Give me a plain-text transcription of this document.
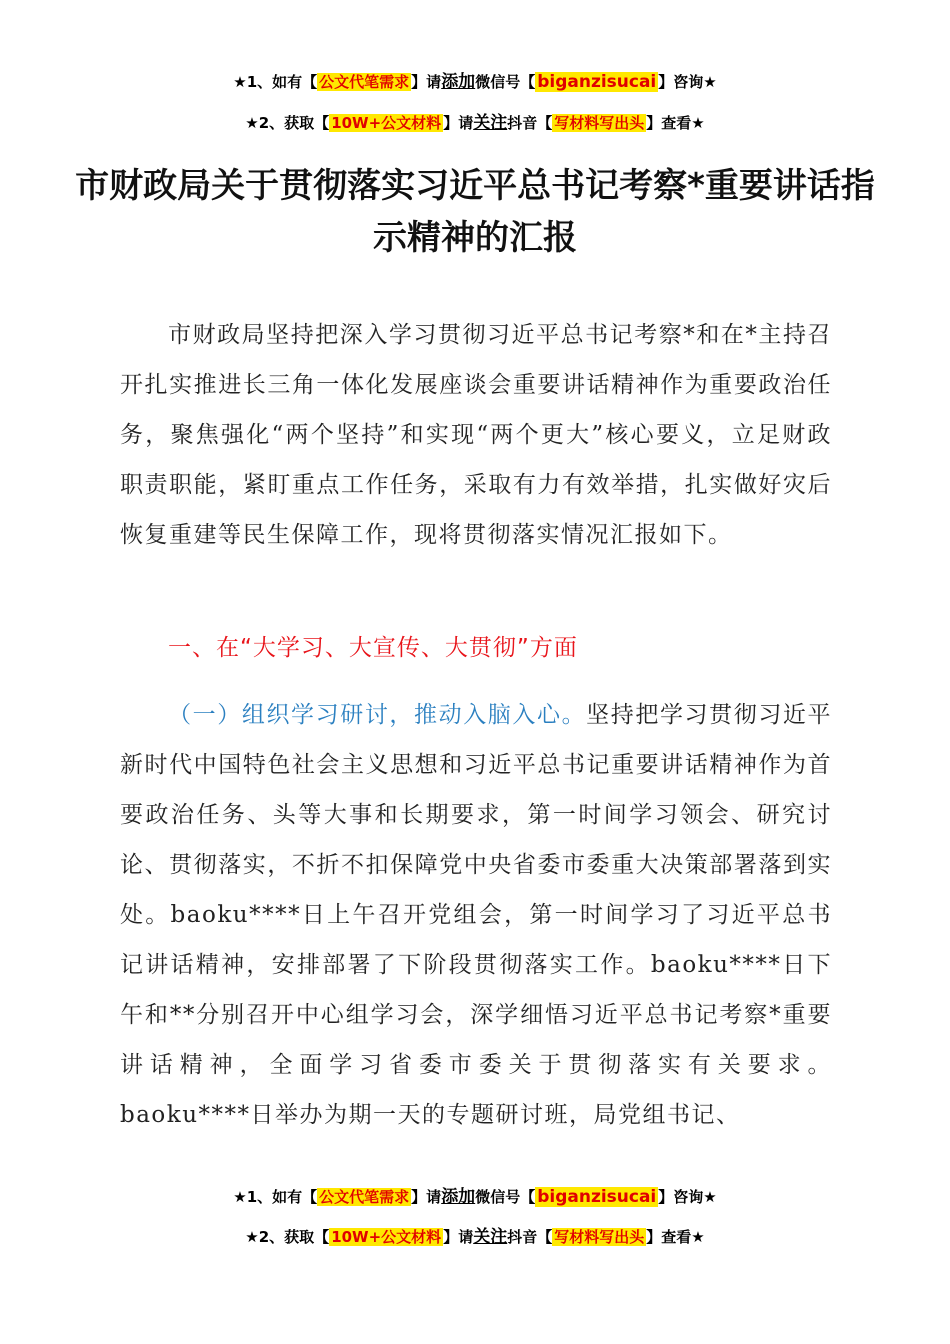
★1、如有【 公文代笔需求 】请添加微信号【 biganzisucai 】咨询★
★2、获取【 10W+公文材料 】请关注抖音【 写材料写出头 】查看★
市财政局关于贯彻落实习近平总书记考察*重要讲话指示精神的汇报
市财政局坚持把深入学习贯彻习近平总书记考察*和在*主持召开扎实推进长三角一体化发展座谈会重要讲话精神作为重要政治任务，聚焦强化“两个坚持”和实现“两个更大”核心要义，立足财政职责职能，紧盯重点工作任务，采取有力有效举措，扎实做好灾后恢复重建等民生保障工作，现将贯彻落实情况汇报如下。
一、在“大学习、大宣传、大贯彻”方面
（一）组织学习研讨，推动入脑入心。坚持把学习贯彻习近平新时代中国特色社会主义思想和习近平总书记重要讲话精神作为首要政治任务、头等大事和长期要求，第一时间学习领会、研究讨论、贯彻落实，不折不扣保障党中央省委市委重大决策部署落到实处。baoku****日上午召开党组会，第一时间学习了习近平总书记讲话精神，安排部署了下阶段贯彻落实工作。baoku****日下午和**分别召开中心组学习会，深学细悟习近平总书记考察*重要讲话精神，全面学习省委市委关于贯彻落实有关要求。baoku****日举办为期一天的专题研讨班，局党组书记、
★1、如有【 公文代笔需求 】请添加微信号【 biganzisucai 】咨询★
★2、获取【 10W+公文材料 】请关注抖音【 写材料写出头 】查看★
